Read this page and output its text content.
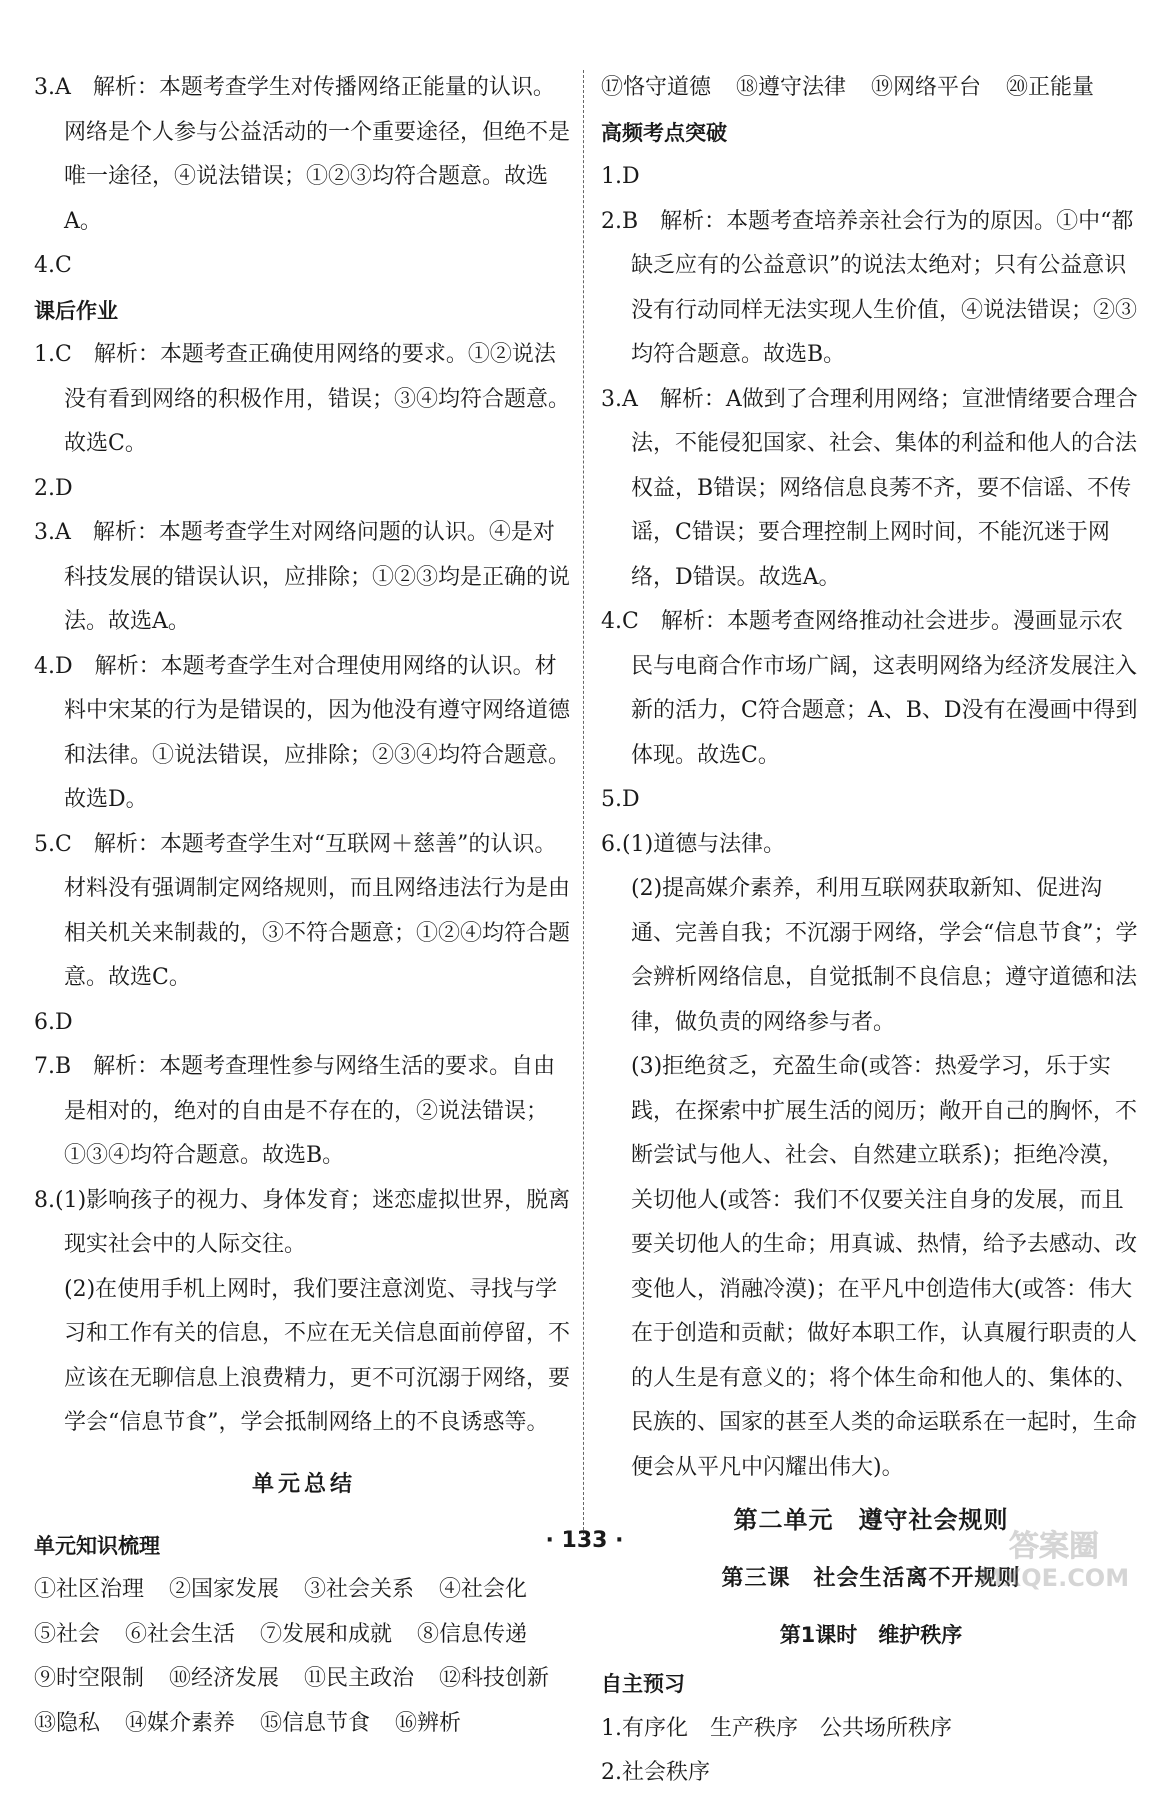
3.A　解析：本题考查学生对传播网络正能量的认识。网络是个人参与公益活动的一个重要途径，但绝不是唯一途径，④说法错误；①②③均符合题意。故选A。

4.C

课后作业

1.C　解析：本题考查正确使用网络的要求。①②说法没有看到网络的积极作用，错误；③④均符合题意。故选C。

2.D

3.A　解析：本题考查学生对网络问题的认识。④是对科技发展的错误认识，应排除；①②③均是正确的说法。故选A。

4.D　解析：本题考查学生对合理使用网络的认识。材料中宋某的行为是错误的，因为他没有遵守网络道德和法律。①说法错误，应排除；②③④均符合题意。故选D。

5.C　解析：本题考查学生对“互联网＋慈善”的认识。材料没有强调制定网络规则，而且网络违法行为是由相关机关来制裁的，③不符合题意；①②④均符合题意。故选C。

6.D

7.B　解析：本题考查理性参与网络生活的要求。自由是相对的，绝对的自由是不存在的，②说法错误；①③④均符合题意。故选B。

8.(1)影响孩子的视力、身体发育；迷恋虚拟世界，脱离现实社会中的人际交往。

(2)在使用手机上网时，我们要注意浏览、寻找与学习和工作有关的信息，不应在无关信息面前停留，不应该在无聊信息上浪费精力，更不可沉溺于网络，要学会“信息节食”，学会抵制网络上的不良诱惑等。

单元总结

单元知识梳理

①社区治理 ②国家发展 ③社会关系 ④社会化

⑤社会 ⑥社会生活 ⑦发展和成就 ⑧信息传递

⑨时空限制 ⑩经济发展 ⑪民主政治 ⑫科技创新

⑬隐私 ⑭媒介素养 ⑮信息节食 ⑯辨析

⑰恪守道德 ⑱遵守法律 ⑲网络平台 ⑳正能量

高频考点突破

1.D

2.B　解析：本题考查培养亲社会行为的原因。①中“都缺乏应有的公益意识”的说法太绝对；只有公益意识没有行动同样无法实现人生价值，④说法错误；②③均符合题意。故选B。

3.A　解析：A做到了合理利用网络；宣泄情绪要合理合法，不能侵犯国家、社会、集体的利益和他人的合法权益，B错误；网络信息良莠不齐，要不信谣、不传谣，C错误；要合理控制上网时间，不能沉迷于网络，D错误。故选A。

4.C　解析：本题考查网络推动社会进步。漫画显示农民与电商合作市场广阔，这表明网络为经济发展注入新的活力，C符合题意；A、B、D没有在漫画中得到体现。故选C。

5.D

6.(1)道德与法律。

(2)提高媒介素养，利用互联网获取新知、促进沟通、完善自我；不沉溺于网络，学会“信息节食”；学会辨析网络信息，自觉抵制不良信息；遵守道德和法律，做负责的网络参与者。

(3)拒绝贫乏，充盈生命(或答：热爱学习，乐于实践，在探索中扩展生活的阅历；敞开自己的胸怀，不断尝试与他人、社会、自然建立联系)；拒绝冷漠，关切他人(或答：我们不仅要关注自身的发展，而且要关切他人的生命；用真诚、热情，给予去感动、改变他人，消融冷漠)；在平凡中创造伟大(或答：伟大在于创造和贡献；做好本职工作，认真履行职责的人的人生是有意义的；将个体生命和他人的、集体的、民族的、国家的甚至人类的命运联系在一起时，生命便会从平凡中闪耀出伟大)。

第二单元　遵守社会规则

第三课　社会生活离不开规则

第1课时　维护秩序

自主预习

1.有序化　生产秩序　公共场所秩序

2.社会秩序

· 133 ·	答案圈
MXQE.COM
